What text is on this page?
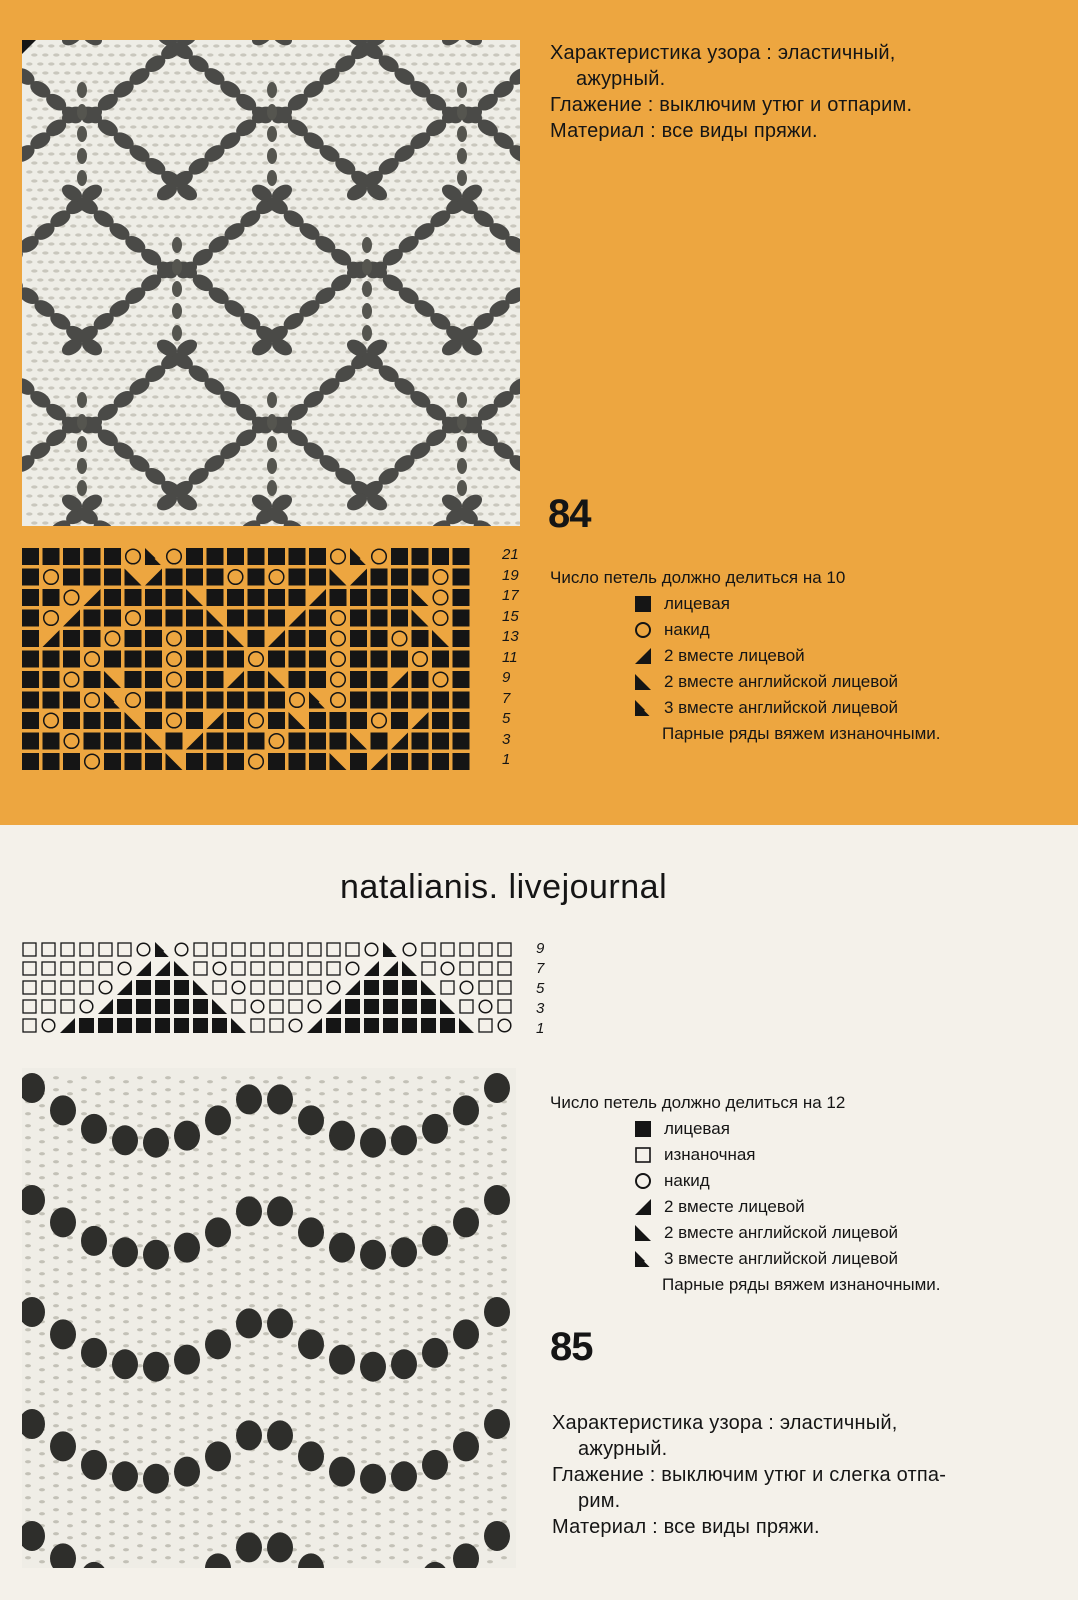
Характеристика узора : эластичный,

ажурный.

Глажение : выключим утюг и отпарим.

Материал : все виды пряжи.

84
21
19
17
15
13
11
9
7
5
3
1
Число петель должно делиться на 10
лицевая
накид
2 вместе лицевой
2 вместе английской лицевой
3 вместе английской лицевой
Парные ряды вяжем изнаночными.
natalianis. livejournal
9
7
5
3
1
Число петель должно делиться на 12
лицевая
изнаночная
накид
2 вместе лицевой
2 вместе английской лицевой
3 вместе английской лицевой
Парные ряды вяжем изнаночными.
85

Характеристика узора : эластичный,

ажурный.

Глажение : выключим утюг и слегка отпа-

рим.

Материал : все виды пряжи.
